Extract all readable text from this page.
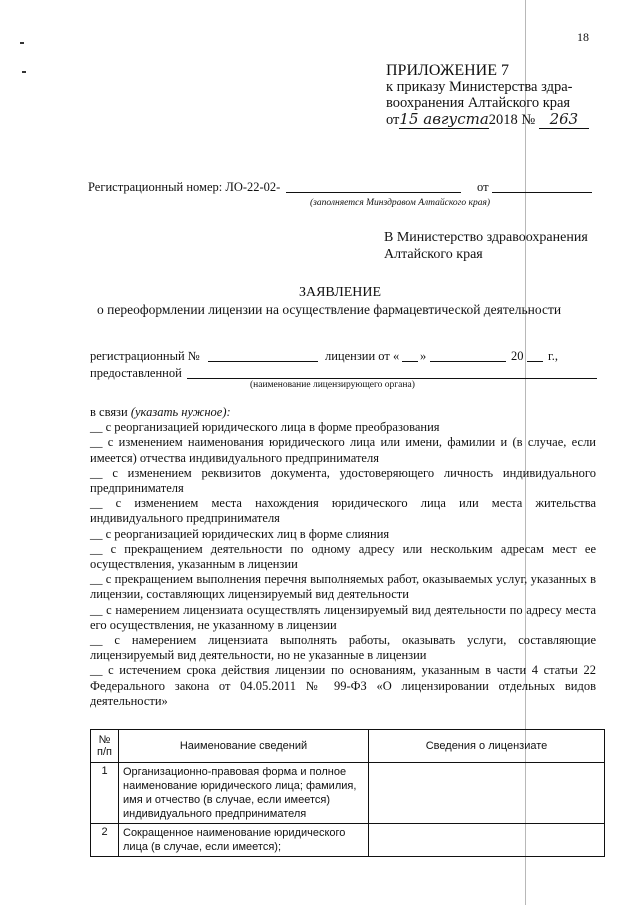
18
ПРИЛОЖЕНИЕ 7
к приказу Министерства здра-
воохранения Алтайского края
от15 августа2018 № 263
Регистрационный номер: ЛО-22-02-	от
(заполняется Минздравом Алтайского края)
В Министерство здравоохранения
Алтайского края
ЗАЯВЛЕНИЕ
о переоформлении лицензии на осуществление фармацевтической деятельности
регистрационный №	лицензии от « »	20 г.,
предоставленной
(наименование лицензирующего органа)

в связи (указать нужное):

__ с реорганизацией юридического лица в форме преобразования

__ с изменением наименования юридического лица или имени, фамилии и (в случае, если имеется) отчества индивидуального предпринимателя

__ с изменением реквизитов документа, удостоверяющего личность индивидуального предпринимателя

__ с изменением места нахождения юридического лица или места жительства индивидуального предпринимателя

__ с реорганизацией юридических лиц в форме слияния

__ с прекращением деятельности по одному адресу или нескольким адресам мест ее осуществления, указанным в лицензии

__ с прекращением выполнения перечня выполняемых работ, оказываемых услуг, указанных в лицензии, составляющих лицензируемый вид деятельности

__ с намерением лицензиата осуществлять лицензируемый вид деятельности по адресу места его осуществления, не указанному в лицензии

__ с намерением лицензиата выполнять работы, оказывать услуги, составляющие лицензируемый вид деятельности, но не указанные в лицензии

__ с истечением срока действия лицензии по основаниям, указанным в части 4 статьи 22 Федерального закона от 04.05.2011 № 99-ФЗ «О лицензировании отдельных видов деятельности»

№ п/п	Наименование сведений	Сведения о лицензиате
1	Организационно-правовая форма и полное наименование юридического лица; фамилия, имя и отчество (в случае, если имеется) индивидуального предпринимателя	
2	Сокращенное наименование юридического лица (в случае, если имеется);	
